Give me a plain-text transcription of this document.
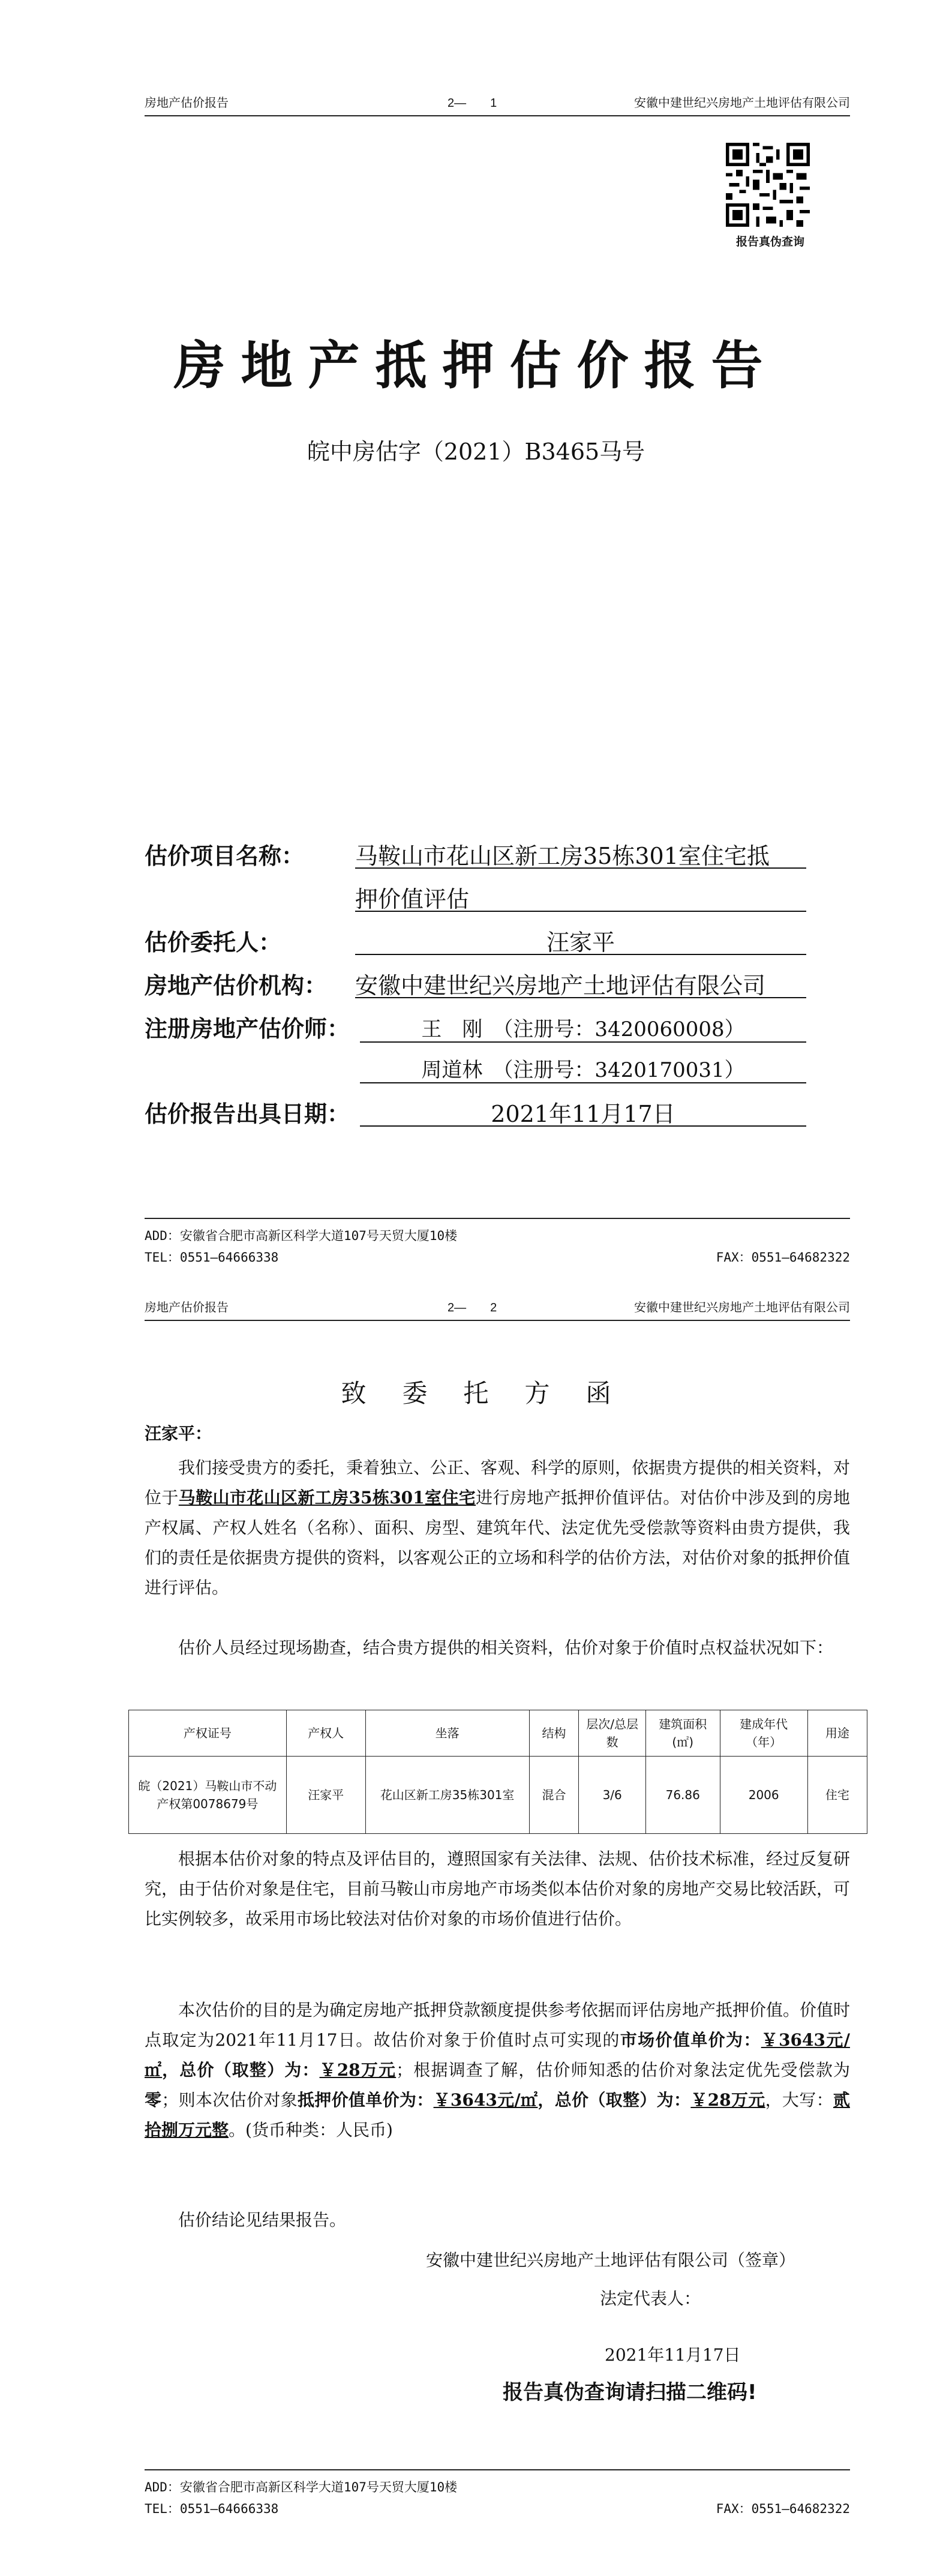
房地产估价报告	2—　　1	安徽中建世纪兴房地产土地评估有限公司
报告真伪查询
房地产抵押估价报告
皖中房估字（2021）B3465马号
估价项目名称： 马鞍山市花山区新工房35栋301室住宅抵
押价值评估
估价委托人：	汪家平
房地产估价机构： 安徽中建世纪兴房地产土地评估有限公司
注册房地产估价师：	王　刚　（注册号：3420060008）
周道林　（注册号：3420170031）
估价报告出具日期：	2021年11月17日
ADD：安徽省合肥市高新区科学大道107号天贸大厦10楼
TEL：0551—64666338	FAX：0551—64682322
房地产估价报告	2—　　2	安徽中建世纪兴房地产土地评估有限公司
致委托方函
汪家平：
我们接受贵方的委托，秉着独立、公正、客观、科学的原则，依据贵方提供的相关资料，对位于马鞍山市花山区新工房35栋301室住宅进行房地产抵押价值评估。对估价中涉及到的房地产权属、产权人姓名（名称）、面积、房型、建筑年代、法定优先受偿款等资料由贵方提供，我们的责任是依据贵方提供的资料，以客观公正的立场和科学的估价方法，对估价对象的抵押价值进行评估。
估价人员经过现场勘查，结合贵方提供的相关资料，估价对象于价值时点权益状况如下：
产权证号	产权人	坐落	结构	层次/总层数	建筑面积(㎡)	建成年代（年）	用途
皖（2021）马鞍山市不动产权第0078679号	汪家平	花山区新工房35栋301室	混合	3/6	76.86	2006	住宅
根据本估价对象的特点及评估目的，遵照国家有关法律、法规、估价技术标准，经过反复研究，由于估价对象是住宅，目前马鞍山市房地产市场类似本估价对象的房地产交易比较活跃，可比实例较多，故采用市场比较法对估价对象的市场价值进行估价。
本次估价的目的是为确定房地产抵押贷款额度提供参考依据而评估房地产抵押价值。价值时点取定为2021年11月17日。故估价对象于价值时点可实现的市场价值单价为：￥3643元/㎡，总价（取整）为：￥28万元；根据调查了解，估价师知悉的估价对象法定优先受偿款为零；则本次估价对象抵押价值单价为：￥3643元/㎡，总价（取整）为：￥28万元，大写：贰拾捌万元整。(货币种类：人民币)
估价结论见结果报告。
安徽中建世纪兴房地产土地评估有限公司（签章）
法定代表人：
2021年11月17日
报告真伪查询请扫描二维码!
ADD：安徽省合肥市高新区科学大道107号天贸大厦10楼
TEL：0551—64666338	FAX：0551—64682322
